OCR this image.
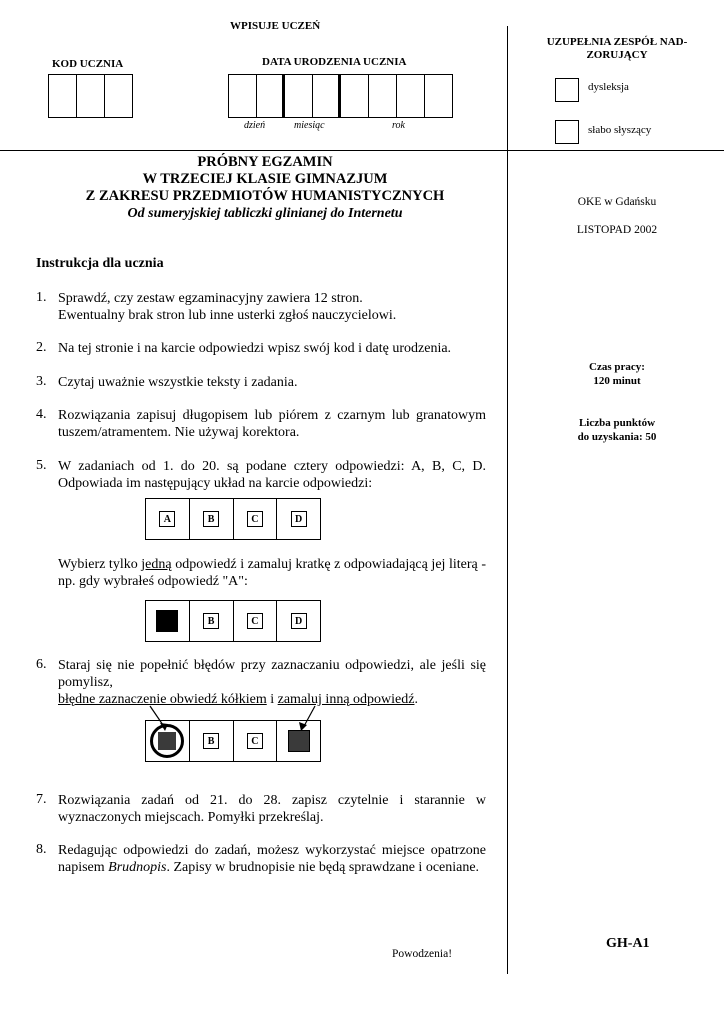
WPISUJE UCZEŃ
KOD UCZNIA	DATA URODZENIA UCZNIA
dzień	miesiąc	rok
UZUPEŁNIA ZESPÓŁ NAD-
ZORUJĄCY
dysleksja
słabo słyszący
PRÓBNY EGZAMIN
W TRZECIEJ KLASIE GIMNAZJUM
Z ZAKRESU PRZEDMIOTÓW HUMANISTYCZNYCH
Od sumeryjskiej tabliczki glinianej do Internetu
OKE w Gdańsku
LISTOPAD 2002
Czas pracy:
120 minut
Liczba punktów
do uzyskania: 50
GH-A1
Instrukcja dla ucznia
1. Sprawdź, czy zestaw egzaminacyjny zawiera 12 stron.
Ewentualny brak stron lub inne usterki zgłoś nauczycielowi.
2. Na tej stronie i na karcie odpowiedzi wpisz swój kod i datę urodzenia.
3. Czytaj uważnie wszystkie teksty i zadania.
4. Rozwiązania zapisuj długopisem lub piórem z czarnym lub granatowym tuszem/atramentem. Nie używaj korektora.
5. W zadaniach od 1. do 20. są podane cztery odpowiedzi: A, B, C, D. Odpowiada im następujący układ na karcie odpowiedzi:
A	B	C	D
Wybierz tylko jedną odpowiedź i zamaluj kratkę z odpowiadającą jej literą - np. gdy wybrałeś odpowiedź "A":
B	C	D
6. Staraj się nie popełnić błędów przy zaznaczaniu odpowiedzi, ale jeśli się pomylisz,
błędne zaznaczenie obwiedź kółkiem i zamaluj inną odpowiedź.
B	C
7. Rozwiązania zadań od 21. do 28. zapisz czytelnie i starannie w wyznaczonych miejscach. Pomyłki przekreślaj.
8. Redagując odpowiedzi do zadań, możesz wykorzystać miejsce opatrzone napisem Brudnopis. Zapisy w brudnopisie nie będą sprawdzane i oceniane.
Powodzenia!
